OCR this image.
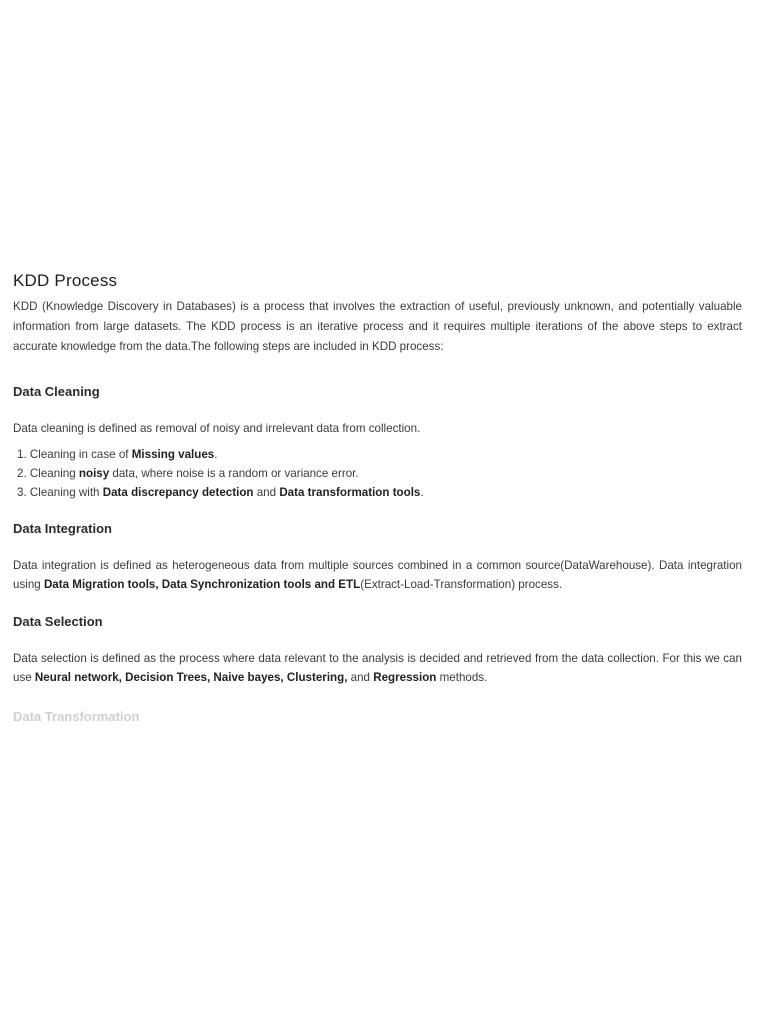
KDD Process

KDD (Knowledge Discovery in Databases) is a process that involves the extraction of useful, previously unknown, and potentially valuable information from large datasets. The KDD process is an iterative process and it requires multiple iterations of the above steps to extract accurate knowledge from the data.The following steps are included in KDD process:

Data Cleaning

Data cleaning is defined as removal of noisy and irrelevant data from collection.

1. Cleaning in case of Missing values.
2. Cleaning noisy data, where noise is a random or variance error.
3. Cleaning with Data discrepancy detection and Data transformation tools.
Data Integration

Data integration is defined as heterogeneous data from multiple sources combined in a common source(DataWarehouse). Data integration using Data Migration tools, Data Synchronization tools and ETL(Extract-Load-Transformation) process.

Data Selection

Data selection is defined as the process where data relevant to the analysis is decided and retrieved from the data collection. For this we can use Neural network, Decision Trees, Naive bayes, Clustering, and Regression methods.

Data Transformation
